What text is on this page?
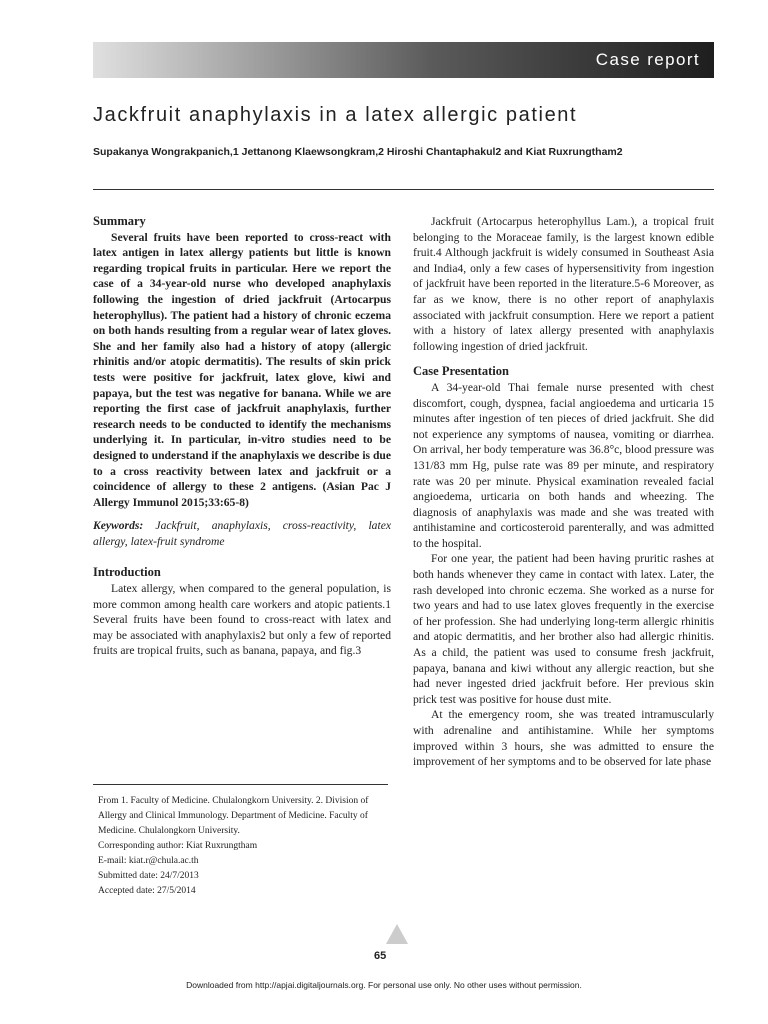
Case report
Jackfruit anaphylaxis in a latex allergic patient
Supakanya Wongrakpanich,1 Jettanong Klaewsongkram,2 Hiroshi Chantaphakul2 and Kiat Ruxrungtham2
Summary

Several fruits have been reported to cross-react with latex antigen in latex allergy patients but little is known regarding tropical fruits in particular. Here we report the case of a 34-year-old nurse who developed anaphylaxis following the ingestion of dried jackfruit (Artocarpus heterophyllus). The patient had a history of chronic eczema on both hands resulting from a regular wear of latex gloves. She and her family also had a history of atopy (allergic rhinitis and/or atopic dermatitis). The results of skin prick tests were positive for jackfruit, latex glove, kiwi and papaya, but the test was negative for banana. While we are reporting the first case of jackfruit anaphylaxis, further research needs to be conducted to identify the mechanisms underlying it. In particular, in-vitro studies need to be designed to understand if the anaphylaxis we describe is due to a cross reactivity between latex and jackfruit or a coincidence of allergy to these 2 antigens. (Asian Pac J Allergy Immunol 2015;33:65-8)

Keywords: Jackfruit, anaphylaxis, cross-reactivity, latex allergy, latex-fruit syndrome
Introduction

Latex allergy, when compared to the general population, is more common among health care workers and atopic patients.1 Several fruits have been found to cross-react with latex and may be associated with anaphylaxis2 but only a few of reported fruits are tropical fruits, such as banana, papaya, and fig.3

From 1. Faculty of Medicine. Chulalongkorn University. 2. Division of Allergy and Clinical Immunology. Department of Medicine. Faculty of Medicine. Chulalongkorn University.
Corresponding author: Kiat Ruxrungtham
E-mail: kiat.r@chula.ac.th
Submitted date: 24/7/2013
Accepted date: 27/5/2014

Jackfruit (Artocarpus heterophyllus Lam.), a tropical fruit belonging to the Moraceae family, is the largest known edible fruit.4 Although jackfruit is widely consumed in Southeast Asia and India4, only a few cases of hypersensitivity from ingestion of jackfruit have been reported in the literature.5-6 Moreover, as far as we know, there is no other report of anaphylaxis associated with jackfruit consumption. Here we report a patient with a history of latex allergy presented with anaphylaxis following ingestion of dried jackfruit.

Case Presentation

A 34-year-old Thai female nurse presented with chest discomfort, cough, dyspnea, facial angioedema and urticaria 15 minutes after ingestion of ten pieces of dried jackfruit. She did not experience any symptoms of nausea, vomiting or diarrhea. On arrival, her body temperature was 36.8°c, blood pressure was 131/83 mm Hg, pulse rate was 89 per minute, and respiratory rate was 20 per minute. Physical examination revealed facial angioedema, urticaria on both hands and wheezing. The diagnosis of anaphylaxis was made and she was treated with antihistamine and corticosteroid parenterally, and was admitted to the hospital.

For one year, the patient had been having pruritic rashes at both hands whenever they came in contact with latex. Later, the rash developed into chronic eczema. She worked as a nurse for two years and had to use latex gloves frequently in the exercise of her profession. She had underlying long-term allergic rhinitis and atopic dermatitis, and her brother also had allergic rhinitis. As a child, the patient was used to consume fresh jackfruit, papaya, banana and kiwi without any allergic reaction, but she had never ingested dried jackfruit before. Her previous skin prick test was positive for house dust mite.

At the emergency room, she was treated intramuscularly with adrenaline and antihistamine. While her symptoms improved within 3 hours, she was admitted to ensure the improvement of her symptoms and to be observed for late phase

65
Downloaded from http://apjai.digitaljournals.org. For personal use only. No other uses without permission.
